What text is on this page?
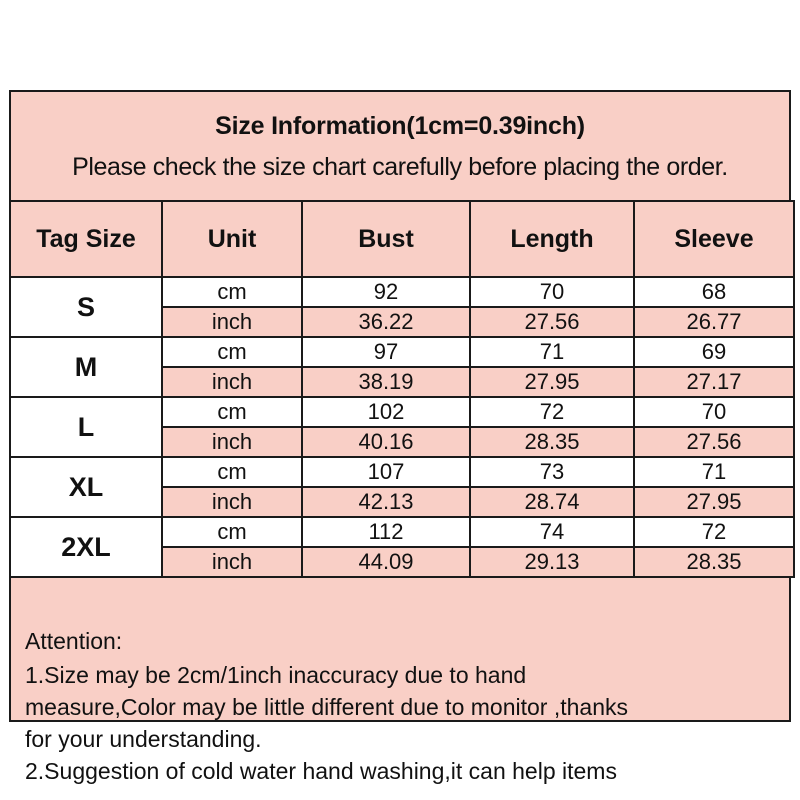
Size Information(1cm=0.39inch)
Please check the size chart carefully before placing the order.
Tag Size	Unit	Bust	Length	Sleeve
S	cm	92	70	68
	inch	36.22	27.56	26.77
M	cm	97	71	69
	inch	38.19	27.95	27.17
L	cm	102	72	70
	inch	40.16	28.35	27.56
XL	cm	107	73	71
	inch	42.13	28.74	27.95
2XL	cm	112	74	72
	inch	44.09	29.13	28.35
Attention:

1.Size may be 2cm/1inch inaccuracy due to hand

measure,Color may be little different due to monitor ,thanks

for your understanding.

2.Suggestion of cold water hand washing,it can help items
